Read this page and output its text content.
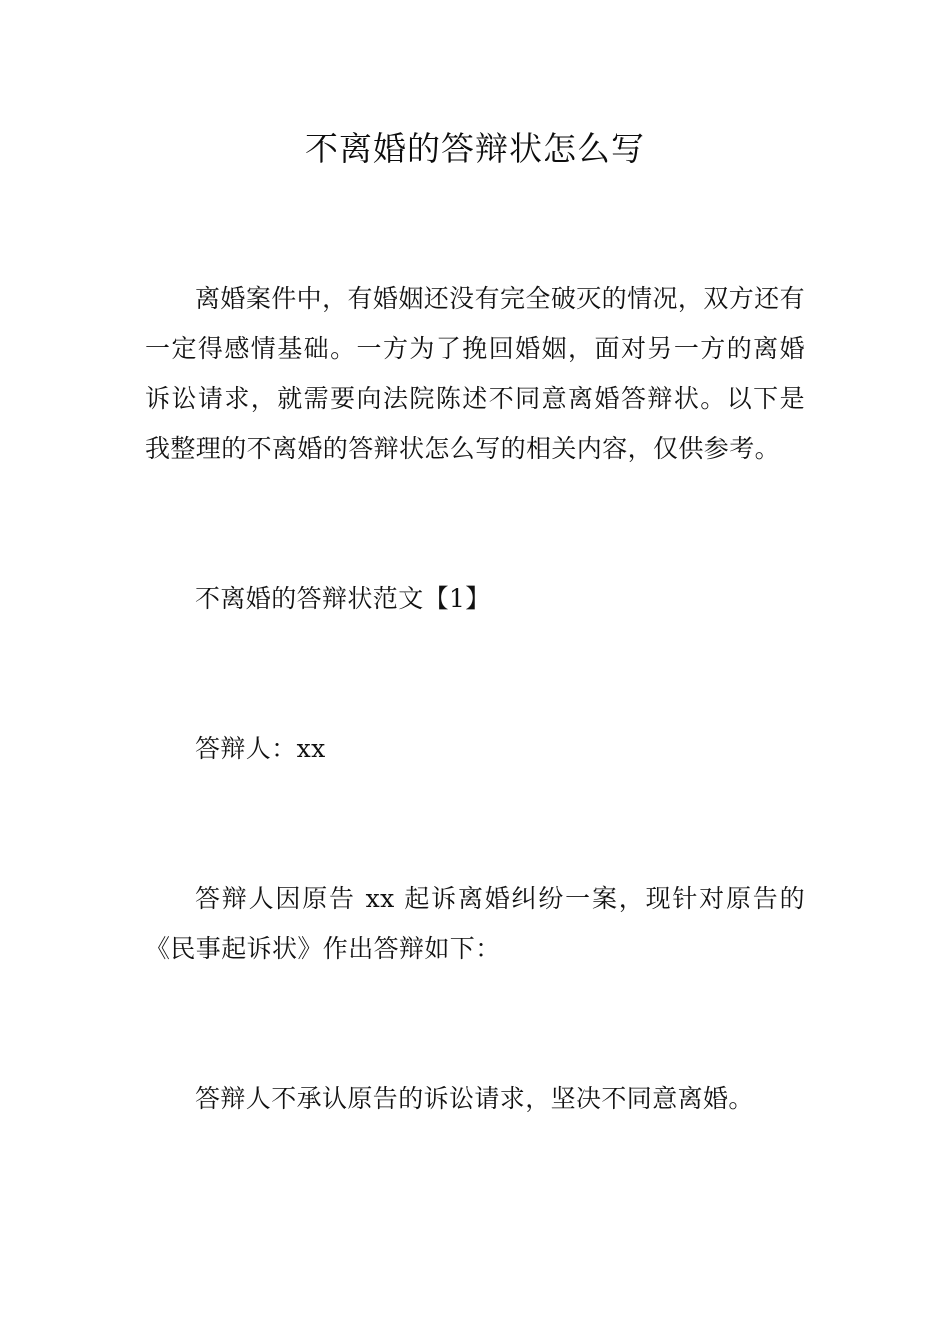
不离婚的答辩状怎么写

离婚案件中，有婚姻还没有完全破灭的情况，双方还有一定得感情基础。一方为了挽回婚姻，面对另一方的离婚诉讼请求，就需要向法院陈述不同意离婚答辩状。以下是我整理的不离婚的答辩状怎么写的相关内容，仅供参考。

不离婚的答辩状范文【1】

答辩人：xx

答辩人因原告 xx 起诉离婚纠纷一案，现针对原告的《民事起诉状》作出答辩如下：

答辩人不承认原告的诉讼请求，坚决不同意离婚。
